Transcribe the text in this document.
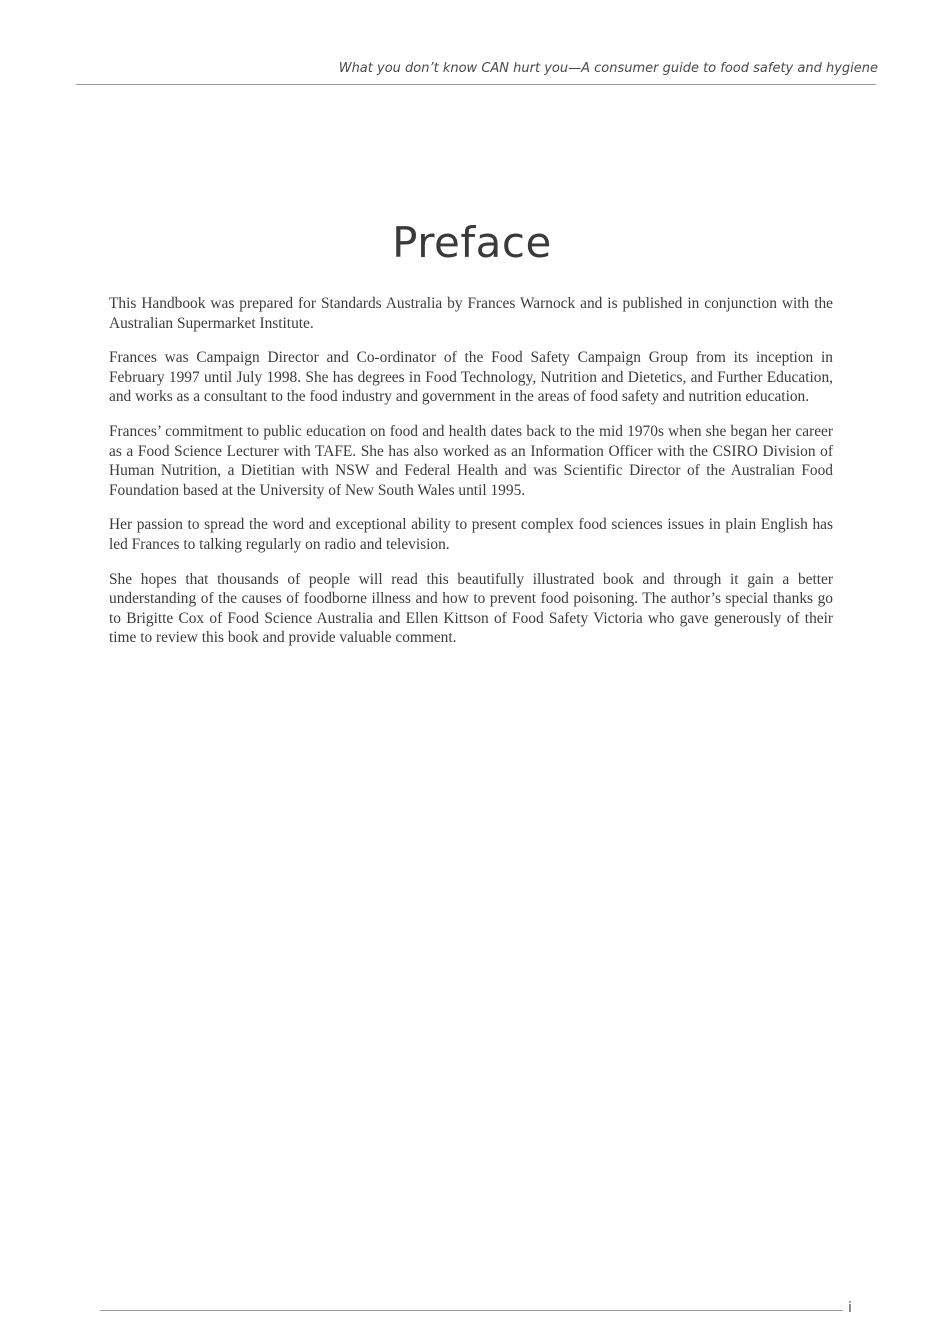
What you don’t know CAN hurt you—A consumer guide to food safety and hygiene
Preface

This Handbook was prepared for Standards Australia by Frances Warnock and is published in conjunction with the Australian Supermarket Institute.

Frances was Campaign Director and Co-ordinator of the Food Safety Campaign Group from its inception in February 1997 until July 1998. She has degrees in Food Technology, Nutrition and Dietetics, and Further Education, and works as a consultant to the food industry and government in the areas of food safety and nutrition education.

Frances’ commitment to public education on food and health dates back to the mid 1970s when she began her career as a Food Science Lecturer with TAFE. She has also worked as an Information Officer with the CSIRO Division of Human Nutrition, a Dietitian with NSW and Federal Health and was Scientific Director of the Australian Food Foundation based at the University of New South Wales until 1995.

Her passion to spread the word and exceptional ability to present complex food sciences issues in plain English has led Frances to talking regularly on radio and television.

She hopes that thousands of people will read this beautifully illustrated book and through it gain a better understanding of the causes of foodborne illness and how to prevent food poisoning. The author’s special thanks go to Brigitte Cox of Food Science Australia and Ellen Kittson of Food Safety Victoria who gave generously of their time to review this book and provide valuable comment.

i
